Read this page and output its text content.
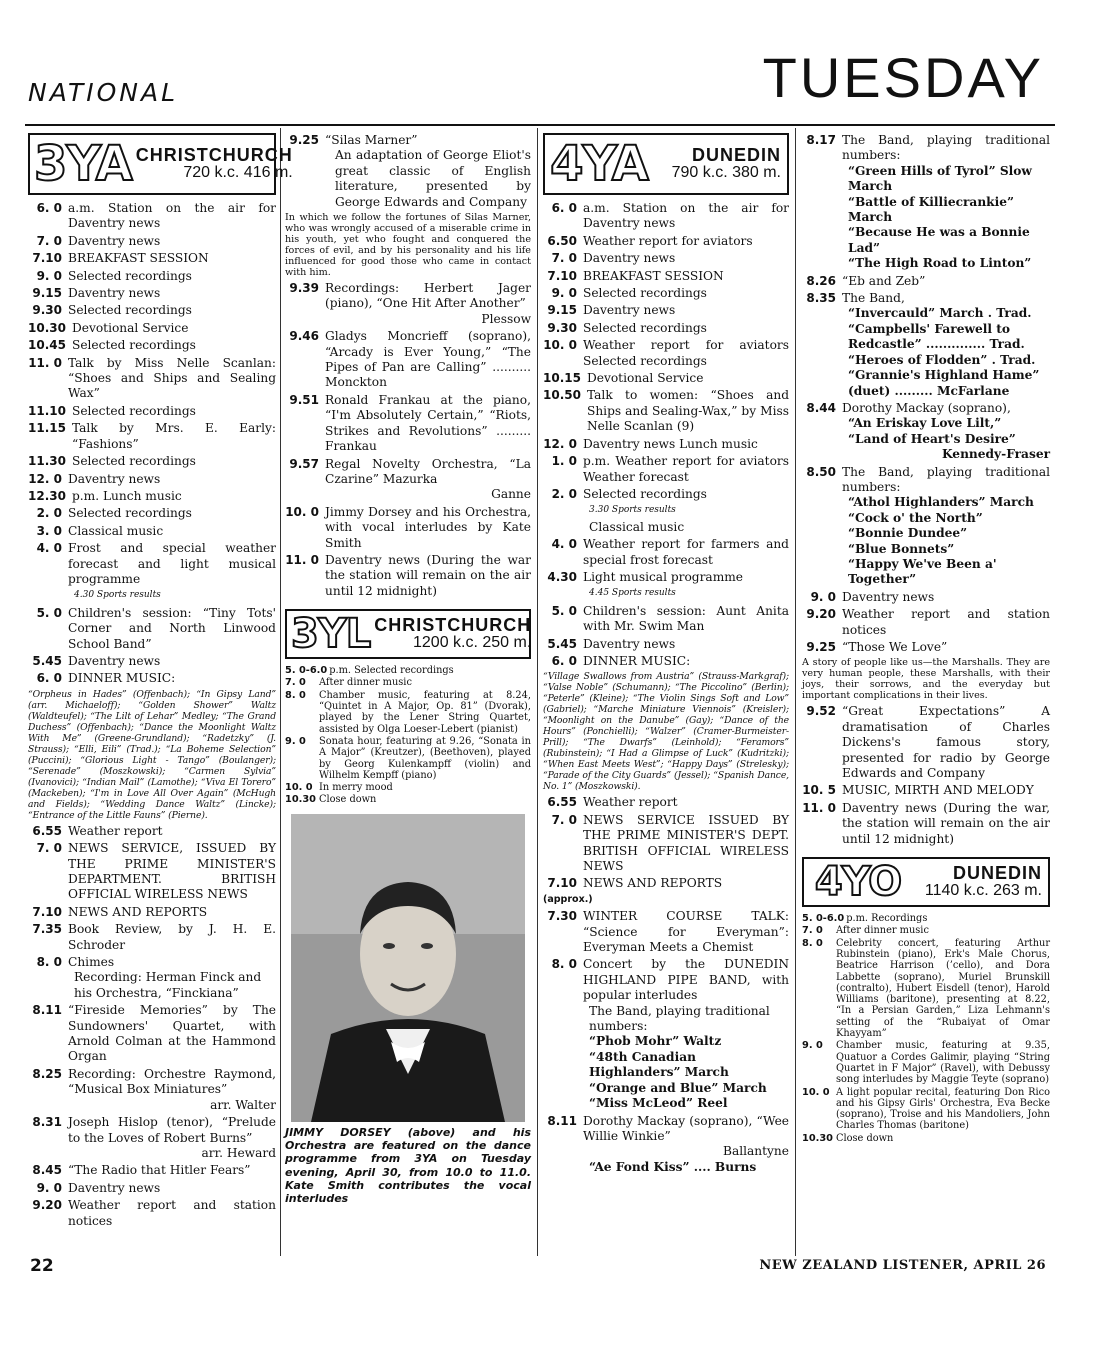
NATIONAL	TUESDAY
3YA CHRISTCHURCH
720 k.c. 416 m.
6. 0 a.m. Station on the air for Daventry news
7. 0 Daventry news
7.10 BREAKFAST SESSION
9. 0 Selected recordings
9.15 Daventry news
9.30 Selected recordings
10.30 Devotional Service
10.45 Selected recordings
11. 0 Talk by Miss Nelle Scanlan: “Shoes and Ships and Sealing Wax”
11.10 Selected recordings
11.15 Talk by Mrs. E. Early: “Fashions”
11.30 Selected recordings
12. 0 Daventry news
12.30 p.m. Lunch music
2. 0 Selected recordings
3. 0 Classical music
4. 0 Frost and special weather forecast and light musical programme
4.30 Sports results
5. 0 Children's session: “Tiny Tots' Corner and North Linwood School Band”
5.45 Daventry news
6. 0 DINNER MUSIC:
“Orpheus in Hades” (Offenbach); “In Gipsy Land” (arr. Michaeloff); “Golden Shower” Waltz (Waldteufel); “The Lilt of Lehar” Medley; “The Grand Duchess” (Offenbach); “Dance the Moonlight Waltz With Me” (Greene-Grundland); “Radetzky” (J. Strauss); “Elli, Eili” (Trad.); “La Boheme Selection” (Puccini); “Glorious Light - Tango” (Boulanger); “Serenade” (Moszkowski); “Carmen Sylvia” (Ivanovici); “Indian Mail” (Lamothe); “Viva El Torero” (Mackeben); “I'm in Love All Over Again” (McHugh and Fields); “Wedding Dance Waltz” (Lincke); “Entrance of the Little Fauns” (Pierne).
6.55 Weather report
7. 0 NEWS SERVICE, ISSUED BY THE PRIME MINISTER'S DEPARTMENT. BRITISH OFFICIAL WIRELESS NEWS
7.10 NEWS AND REPORTS
7.35 Book Review, by J. H. E. Schroder
8. 0 Chimes
Recording: Herman Finck and his Orchestra, “Finckiana”
8.11 “Fireside Memories” by The Sundowners' Quartet, with Arnold Colman at the Hammond Organ
8.25 Recording: Orchestre Raymond, “Musical Box Miniatures”
arr. Walter
8.31 Joseph Hislop (tenor), “Prelude to the Loves of Robert Burns”
arr. Heward
8.45 “The Radio that Hitler Fears”
9. 0 Daventry news
9.20 Weather report and station notices
9.25 “Silas Marner”
An adaptation of George Eliot's great classic of English literature, presented by George Edwards and Company
In which we follow the fortunes of Silas Marner, who was wrongly accused of a miserable crime in his youth, yet who fought and conquered the forces of evil, and by his personality and his life influenced for good those who came in contact with him.
9.39 Recordings: Herbert Jager (piano), “One Hit After Another”
Plessow
9.46 Gladys Moncrieff (soprano), “Arcady is Ever Young,” “The Pipes of Pan are Calling” .......... Monckton
9.51 Ronald Frankau at the piano, “I'm Absolutely Certain,” “Riots, Strikes and Revolutions” ......... Frankau
9.57 Regal Novelty Orchestra, “La Czarine” Mazurka
Ganne
10. 0 Jimmy Dorsey and his Orchestra, with vocal interludes by Kate Smith
11. 0 Daventry news (During the war the station will remain on the air until 12 midnight)
3YL CHRISTCHURCH
1200 k.c. 250 m.
5. 0-6.0 p.m. Selected recordings
7. 0	After dinner music
8. 0	Chamber music, featuring at 8.24, “Quintet in A Major, Op. 81” (Dvorak), played by the Lener String Quartet, assisted by Olga Loeser-Lebert (pianist)
9. 0	Sonata hour, featuring at 9.26, “Sonata in A Major” (Kreutzer), (Beethoven), played by Georg Kulenkampff (violin) and Wilhelm Kempff (piano)
10. 0 In merry mood
10.30 Close down
JIMMY DORSEY (above) and his Orchestra are featured on the dance programme from 3YA on Tuesday evening, April 30, from 10.0 to 11.0. Kate Smith contributes the vocal interludes
4YA DUNEDIN
790 k.c. 380 m.
6. 0 a.m. Station on the air for Daventry news
6.50 Weather report for aviators
7. 0 Daventry news
7.10 BREAKFAST SESSION
9. 0 Selected recordings
9.15 Daventry news
9.30 Selected recordings
10. 0 Weather report for aviators Selected recordings
10.15 Devotional Service
10.50 Talk to women: “Shoes and Ships and Sealing-Wax,” by Miss Nelle Scanlan (9)
12. 0 Daventry news Lunch music
1. 0 p.m. Weather report for aviators Weather forecast
2. 0 Selected recordings
3.30 Sports results
Classical music
4. 0 Weather report for farmers and special frost forecast
4.30 Light musical programme
4.45 Sports results
5. 0 Children's session: Aunt Anita with Mr. Swim Man
5.45 Daventry news
6. 0 DINNER MUSIC:
“Village Swallows from Austria” (Strauss-Markgraf); “Valse Noble” (Schumann); “The Piccolino” (Berlin); “Peterle” (Kleine); “The Violin Sings Soft and Low” (Gabriel); “Marche Miniature Viennois” (Kreisler); “Moonlight on the Danube” (Gay); “Dance of the Hours” (Ponchielli); “Walzer” (Cramer-Burmeister-Prill); “The Dwarfs” (Leinhold); “Feramors” (Rubinstein); “I Had a Glimpse of Luck” (Kudritzki); “When East Meets West”; “Happy Days” (Strelesky); “Parade of the City Guards” (Jessel); “Spanish Dance, No. 1” (Moszkowski).
6.55 Weather report
7. 0 NEWS SERVICE ISSUED BY THE PRIME MINISTER'S DEPT. BRITISH OFFICIAL WIRELESS NEWS
7.10 NEWS AND REPORTS
(approx.)
7.30 WINTER COURSE TALK: “Science for Everyman”: Everyman Meets a Chemist
8. 0 Concert by the DUNEDIN HIGHLAND PIPE BAND, with popular interludes
The Band, playing traditional numbers:
“Phob Mohr” Waltz
“48th Canadian Highlanders” March
“Orange and Blue” March
“Miss McLeod” Reel
8.11 Dorothy Mackay (soprano), “Wee Willie Winkie”
Ballantyne
“Ae Fond Kiss” .... Burns
8.17 The Band, playing traditional numbers:
“Green Hills of Tyrol” Slow March
“Battle of Killiecrankie” March
“Because He was a Bonnie Lad”
“The High Road to Linton”
8.26 “Eb and Zeb”
8.35 The Band,
“Invercauld” March . Trad.
“Campbells' Farewell to Redcastle” .............. Trad.
“Heroes of Flodden” . Trad.
“Grannie's Highland Hame” (duet) ......... McFarlane
8.44 Dorothy Mackay (soprano),
“An Eriskay Love Lilt,”
“Land of Heart's Desire”
Kennedy-Fraser
8.50 The Band, playing traditional numbers:
“Athol Highlanders” March
“Cock o' the North”
“Bonnie Dundee”
“Blue Bonnets”
“Happy We've Been a' Together”
9. 0 Daventry news
9.20 Weather report and station notices
9.25 “Those We Love”
A story of people like us—the Marshalls. They are very human people, these Marshalls, with their joys, their sorrows, and the everyday but important complications in their lives.
9.52 “Great Expectations” A dramatisation of Charles Dickens's famous story, presented for radio by George Edwards and Company
10. 5 MUSIC, MIRTH AND MELODY
11. 0 Daventry news (During the war, the station will remain on the air until 12 midnight)
4YO	DUNEDIN
1140 k.c. 263 m.
5. 0-6.0 p.m. Recordings
7. 0	After dinner music
8. 0	Celebrity concert, featuring Arthur Rubinstein (piano), Erk's Male Chorus, Beatrice Harrison (’cello), and Dora Labbette (soprano), Muriel Brunskill (contralto), Hubert Eisdell (tenor), Harold Williams (baritone), presenting at 8.22, “In a Persian Garden,” Liza Lehmann's setting of the “Rubaiyat of Omar Khayyam”
9. 0	Chamber music, featuring at 9.35, Quatuor a Cordes Galimir, playing “String Quartet in F Major” (Ravel), with Debussy song interludes by Maggie Teyte (soprano)
10. 0 A light popular recital, featuring Don Rico and his Gipsy Girls' Orchestra, Eva Becke (soprano), Troise and his Mandoliers, John Charles Thomas (baritone)
10.30 Close down
22	NEW ZEALAND LISTENER, APRIL 26
